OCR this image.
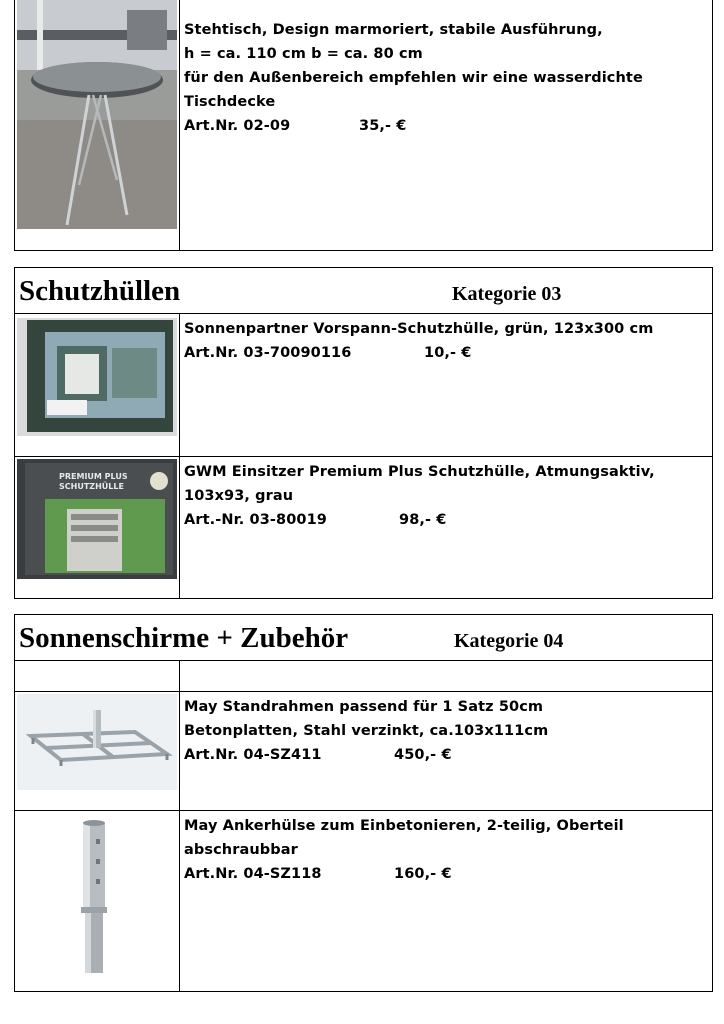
Stehtisch, Design marmoriert, stabile Ausführung,
h = ca. 110 cm b = ca. 80 cm
für den Außenbereich empfehlen wir eine wasserdichte
Tischdecke
Art.Nr. 02-09	35,- €
Schutzhüllen	Kategorie 03
Sonnenpartner Vorspann-Schutzhülle, grün, 123x300 cm
Art.Nr. 03-70090116	10,- €
PREMIUM PLUS
SCHUTZHÜLLE
GWM Einsitzer Premium Plus Schutzhülle, Atmungsaktiv,
103x93, grau
Art.-Nr. 03-80019	98,- €
Sonnenschirme + Zubehör	Kategorie 04
May Standrahmen passend für 1 Satz 50cm
Betonplatten, Stahl verzinkt, ca.103x111cm
Art.Nr. 04-SZ411	450,- €
May Ankerhülse zum Einbetonieren, 2-teilig, Oberteil
abschraubbar
Art.Nr. 04-SZ118	160,- €
